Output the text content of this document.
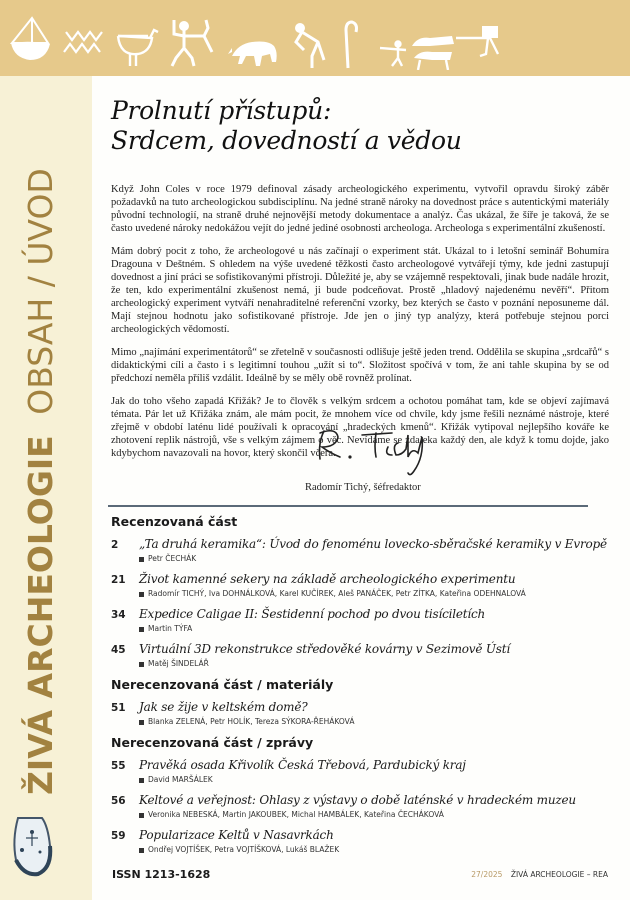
ŽIVÁ ARCHEOLOGIE OBSAH / ÚVOD
Prolnutí přístupů:
Srdcem, dovedností a vědou

Když John Coles v roce 1979 definoval zásady archeologického experimentu, vytvořil opravdu široký záběr požadavků na tuto archeologickou subdisciplínu. Na jedné straně nároky na dovednost práce s autentickými materiály původní technologií, na straně druhé nejnovější metody dokumentace a analýz. Čas ukázal, že šíře je taková, že se často uvedené nároky nedokážou vejít do jedné jediné osobnosti archeologa. Archeologa s experimentální zkušeností.

Mám dobrý pocit z toho, že archeologové u nás začínají o experiment stát. Ukázal to i letošní seminář Bohumíra Dragouna v Deštném. S ohledem na výše uvedené těžkosti často archeologové vytvářejí týmy, kde jedni zastupují dovednost a jiní práci se sofistikovanými přístroji. Důležité je, aby se vzájemně respektovali, jinak bude nadále hrozit, že ten, kdo experimentální zkušenost nemá, ji bude podceňovat. Prostě „hladový najedenému nevěří“. Přitom archeologický experiment vytváří nenahraditelné referenční vzorky, bez kterých se často v poznání neposuneme dál. Mají stejnou hodnotu jako sofistikované přístroje. Jde jen o jiný typ analýzy, která potřebuje stejnou porci archeologických vědomostí.

Mimo „najímání experimentátorů“ se zřetelně v současnosti odlišuje ještě jeden trend. Oddělila se skupina „srdcařů“ s didaktickými cíli a často i s legitimní touhou „užít si to“. Složitost spočívá v tom, že ani tahle skupina by se od předchozí neměla příliš vzdálit. Ideálně by se měly obě rovněž prolínat.

Jak do toho všeho zapadá Křižák? Je to člověk s velkým srdcem a ochotou pomáhat tam, kde se objeví zajímavá témata. Pár let už Křižáka znám, ale mám pocit, že mnohem více od chvíle, kdy jsme řešili neznámé nástroje, které zřejmě v období laténu lidé používali k opracování „hradeckých kmenů“. Křižák vytipoval nejlepšího kováře ke zhotovení replik nástrojů, vše s velkým zájmem o věc. Nevídáme se zdaleka každý den, ale když k tomu dojde, jako kdybychom navazovali na hovor, který skončil včera.

Radomír Tichý, šéfredaktor
Recenzovaná část
2 „Ta druhá keramika“: Úvod do fenoménu lovecko-sběračské keramiky v Evropě
Petr ČECHÁK
21 Život kamenné sekery na základě archeologického experimentu
Radomír TICHÝ, Iva DOHNÁLKOVÁ, Karel KUČÍREK, Aleš PANÁČEK, Petr ZÍTKA, Kateřina ODEHNALOVÁ
34 Expedice Caligae II: Šestidenní pochod po dvou tisíciletích
Martin TÝFA
45 Virtuální 3D rekonstrukce středověké kovárny v Sezimově Ústí
Matěj ŠINDELÁŘ
Nerecenzovaná část / materiály
51 Jak se žije v keltském domě?
Blanka ZELENÁ, Petr HOLÍK, Tereza SÝKORA-ŘEHÁKOVÁ
Nerecenzovaná část / zprávy
55 Pravěká osada Křivolík Česká Třebová, Pardubický kraj
David MARŠÁLEK
56 Keltové a veřejnost: Ohlasy z výstavy o době laténské v hradeckém muzeu
Veronika NEBESKÁ, Martin JAKOUBEK, Michal HAMBÁLEK, Kateřina ČECHÁKOVÁ
59 Popularizace Keltů v Nasavrkách
Ondřej VOJTÍŠEK, Petra VOJTÍŠKOVÁ, Lukáš BLAŽEK
ISSN 1213-1628	27/2025 ŽIVÁ ARCHEOLOGIE – REA
